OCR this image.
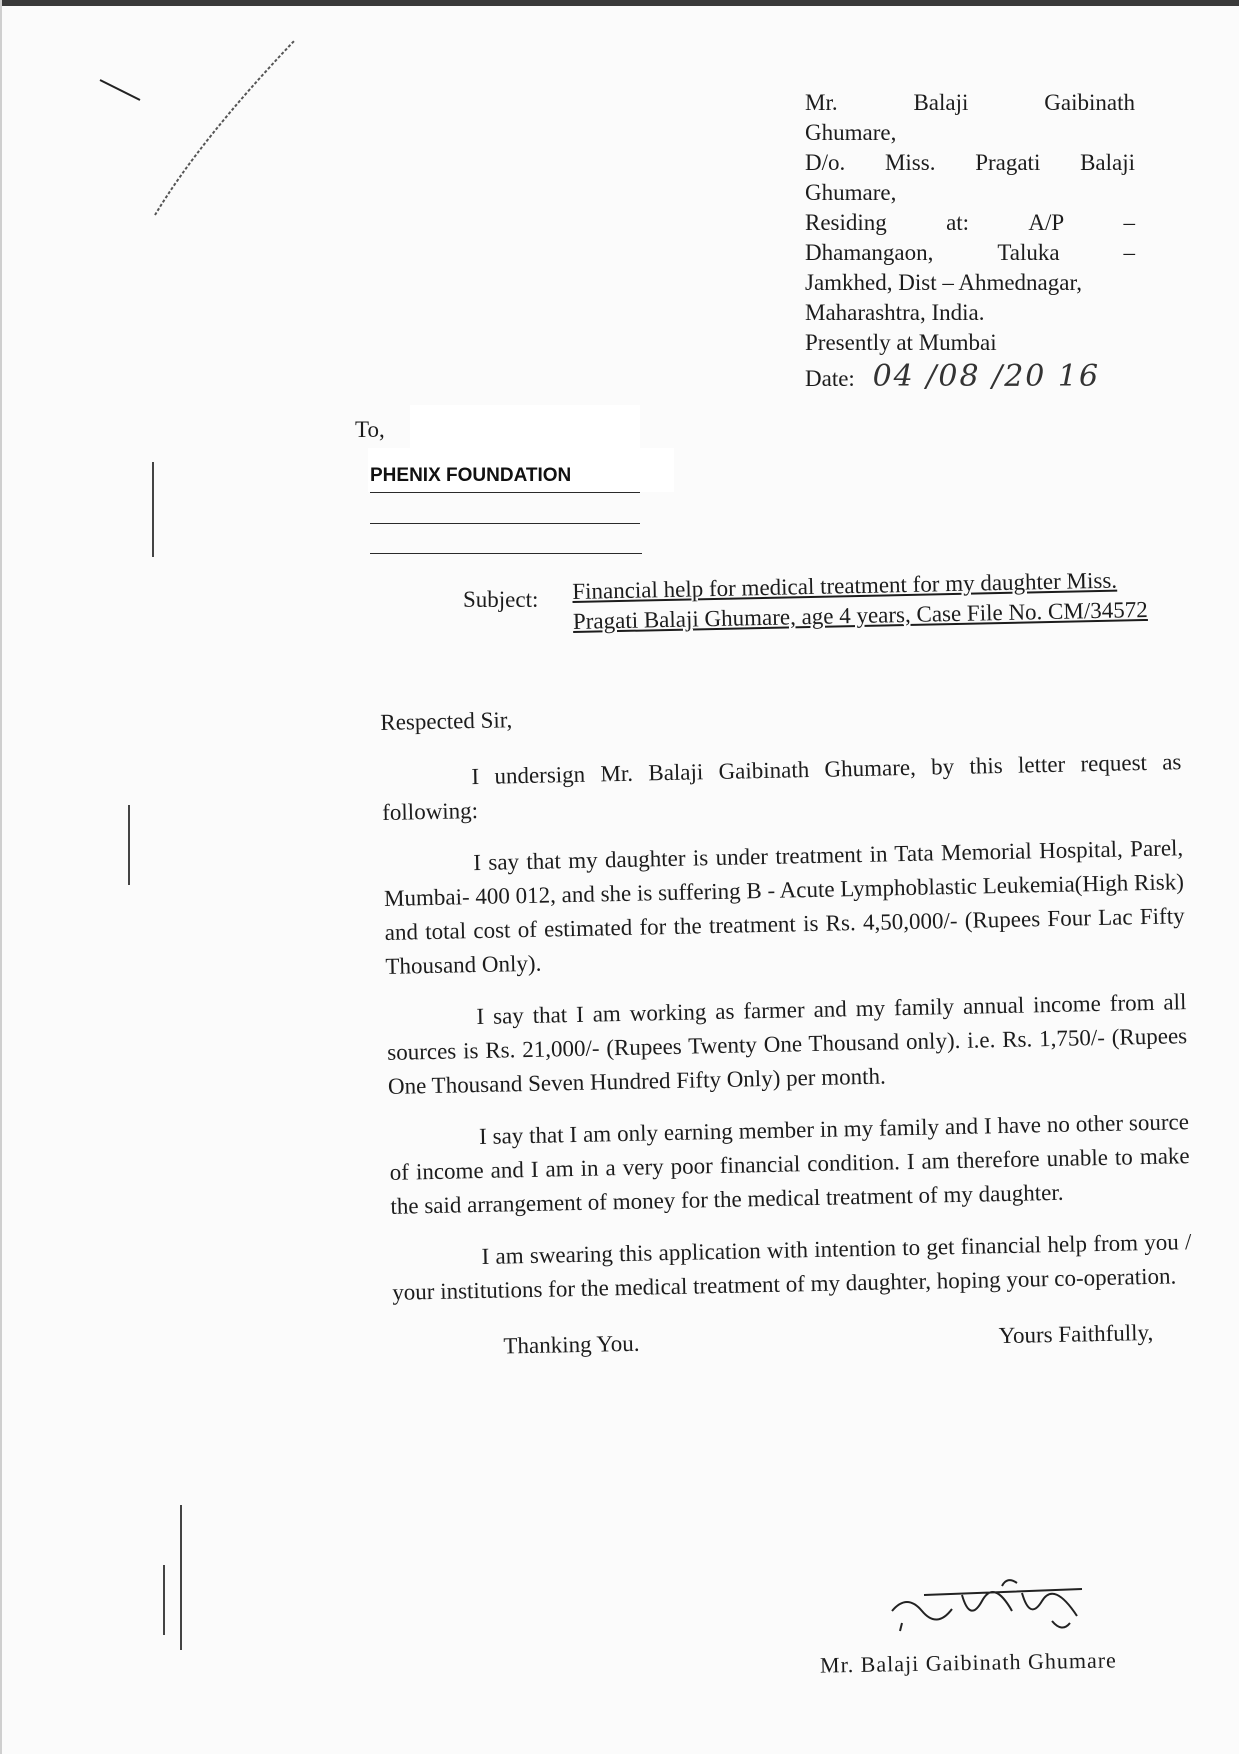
Mr.	Balaji	Gaibinath
Ghumare,
D/o. Miss. Pragati Balaji
Ghumare,
Residing	at:	A/P	–
Dhamangaon,	Taluka	–
Jamkhed, Dist – Ahmednagar,
Maharashtra, India.
Presently at Mumbai
Date: 04 /08 /20 16
To,
PHENIX FOUNDATION
Subject: Financial help for medical treatment for my daughter Miss. Pragati Balaji Ghumare, age 4 years, Case File No. CM/34572

Respected Sir,

I undersign Mr. Balaji Gaibinath Ghumare, by this letter request as following:

I say that my daughter is under treatment in Tata Memorial Hospital, Parel, Mumbai- 400 012, and she is suffering B - Acute Lymphoblastic Leukemia(High Risk) and total cost of estimated for the treatment is Rs. 4,50,000/- (Rupees Four Lac Fifty Thousand Only).

I say that I am working as farmer and my family annual income from all sources is Rs. 21,000/- (Rupees Twenty One Thousand only). i.e. Rs. 1,750/- (Rupees One Thousand Seven Hundred Fifty Only) per month.

I say that I am only earning member in my family and I have no other source of income and I am in a very poor financial condition. I am therefore unable to make the said arrangement of money for the medical treatment of my daughter.

I am swearing this application with intention to get financial help from you / your institutions for the medical treatment of my daughter, hoping your co-operation.

Thanking You.	Yours Faithfully,
Mr. Balaji Gaibinath Ghumare
